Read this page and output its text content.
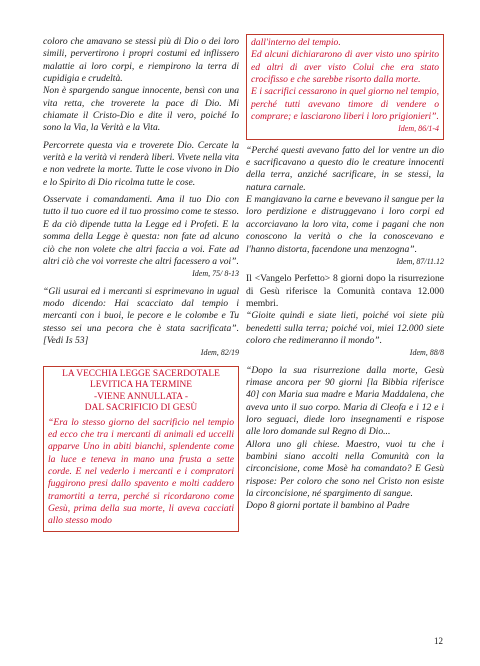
coloro che amavano se stessi più di Dio o dei loro simili, pervertirono i propri costumi ed inflissero malattie ai loro corpi, e riempirono la terra di cupidigia e crudeltà.

Non è spargendo sangue innocente, bensì con una vita retta, che troverete la pace di Dio. Mi chiamate il Cristo-Dio e dite il vero, poiché Io sono la Via, la Verità e la Vita.

Percorrete questa via e troverete Dio. Cercate la verità e la verità vi renderà liberi. Vivete nella vita e non vedrete la morte. Tutte le cose vivono in Dio e lo Spirito di Dio ricolma tutte le cose.

Osservate i comandamenti. Ama il tuo Dio con tutto il tuo cuore ed il tuo prossimo come te stesso. E da ciò dipende tutta la Legge ed i Profeti. E la somma della Legge è questa: non fate ad alcuno ciò che non volete che altri faccia a voi. Fate ad altri ciò che voi vorreste che altri facessero a voi”.

Idem, 75/ 8-13

“Gli usurai ed i mercanti si esprimevano in ugual modo dicendo: Hai scacciato dal tempio i mercanti con i buoi, le pecore e le colombe e Tu stesso sei una pecora che è stata sacrificata”. [Vedi Is 53]

Idem, 82/19
LA VECCHIA LEGGE SACERDOTALE
LEVITICA HA TERMINE
-VIENE ANNULLATA -
DAL SACRIFICIO DI GESÙ

“Era lo stesso giorno del sacrificio nel tempio ed ecco che tra i mercanti di animali ed uccelli apparve Uno in abiti bianchi, splendente come la luce e teneva in mano una frusta a sette corde. E nel vederlo i mercanti e i compratori fuggirono presi dallo spavento e molti caddero tramortiti a terra, perché si ricordarono come Gesù, prima della sua morte, li aveva cacciati allo stesso modo

dall'interno del tempio.

Ed alcuni dichiararono di aver visto uno spirito ed altri di aver visto Colui che era stato crocifisso e che sarebbe risorto dalla morte.

E i sacrifici cessarono in quel giorno nel tempio, perché tutti avevano timore di vendere o comprare; e lasciarono liberi i loro prigionieri”.

Idem, 86/1-4

“Perché questi avevano fatto del lor ventre un dio e sacrificavano a questo dio le creature innocenti della terra, anziché sacrificare, in se stessi, la natura carnale.

E mangiavano la carne e bevevano il sangue per la loro perdizione e distruggevano i loro corpi ed accorciavano la loro vita, come i pagani che non conoscono la verità o che la conoscevano e l'hanno distorta, facendone una menzogna”.

Idem, 87/11.12

Il <Vangelo Perfetto> 8 giorni dopo la risurrezione di Gesù riferisce la Comunità contava 12.000 membri.

“Gioite quindi e siate lieti, poiché voi siete più benedetti sulla terra; poiché voi, miei 12.000 siete coloro che redimeranno il mondo”.

Idem, 88/8

“Dopo la sua risurrezione dalla morte, Gesù rimase ancora per 90 giorni [la Bibbia riferisce 40] con Maria sua madre e Maria Maddalena, che aveva unto il suo corpo. Maria di Cleofa e i 12 e i loro seguaci, diede loro insegnamenti e rispose alle loro domande sul Regno di Dio...

Allora uno gli chiese. Maestro, vuoi tu che i bambini siano accolti nella Comunità con la circoncisione, come Mosè ha comandato? E Gesù rispose: Per coloro che sono nel Cristo non esiste la circoncisione, né spargimento di sangue.

Dopo 8 giorni portate il bambino al Padre

12
